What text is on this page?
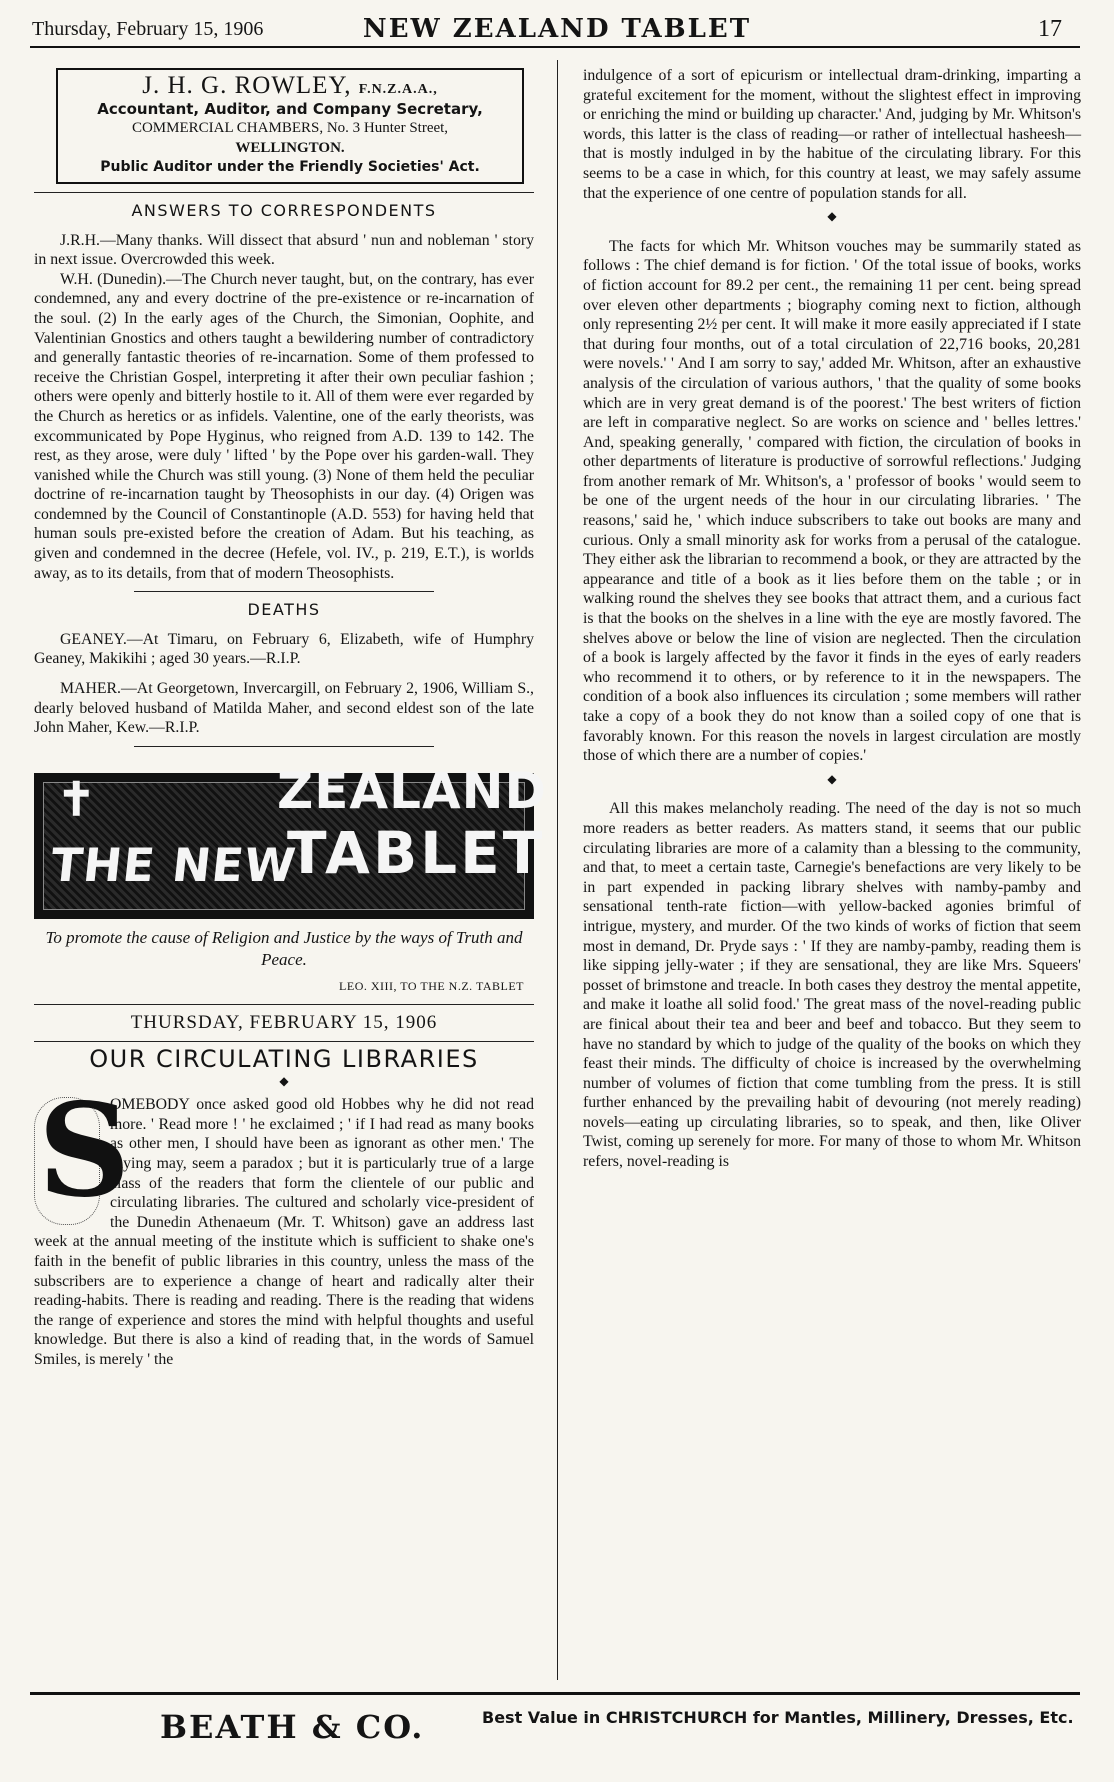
Thursday, February 15, 1906	NEW ZEALAND TABLET	17
J. H. G. ROWLEY, F.N.Z.A.A.,
Accountant, Auditor, and Company Secretary,
COMMERCIAL CHAMBERS, No. 3 Hunter Street,
WELLINGTON.
Public Auditor under the Friendly Societies' Act.
ANSWERS TO CORRESPONDENTS

J.R.H.—Many thanks. Will dissect that absurd ' nun and nobleman ' story in next issue. Overcrowded this week.

W.H. (Dunedin).—The Church never taught, but, on the contrary, has ever condemned, any and every doctrine of the pre-existence or re-incarnation of the soul. (2) In the early ages of the Church, the Simonian, Oophite, and Valentinian Gnostics and others taught a bewildering number of contradictory and generally fantastic theories of re-incarnation. Some of them professed to receive the Christian Gospel, interpreting it after their own peculiar fashion ; others were openly and bitterly hostile to it. All of them were ever regarded by the Church as heretics or as infidels. Valentine, one of the early theorists, was excommunicated by Pope Hyginus, who reigned from A.D. 139 to 142. The rest, as they arose, were duly ' lifted ' by the Pope over his garden-wall. They vanished while the Church was still young. (3) None of them held the peculiar doctrine of re-incarnation taught by Theosophists in our day. (4) Origen was condemned by the Council of Constantinople (A.D. 553) for having held that human souls pre-existed before the creation of Adam. But his teaching, as given and condemned in the decree (Hefele, vol. IV., p. 219, E.T.), is worlds away, as to its details, from that of modern Theosophists.

DEATHS

GEANEY.—At Timaru, on February 6, Elizabeth, wife of Humphry Geaney, Makikihi ; aged 30 years.—R.I.P.

MAHER.—At Georgetown, Invercargill, on February 2, 1906, William S., dearly beloved husband of Matilda Maher, and second eldest son of the late John Maher, Kew.—R.I.P.

✝
THE NEW
ZEALAND
TABLET
To promote the cause of Religion and Justice by the ways of Truth and Peace.
LEO. XIII, TO THE N.Z. TABLET
THURSDAY, FEBRUARY 15, 1906
OUR CIRCULATING LIBRARIES
◆
S

OMEBODY once asked good old Hobbes why he did not read more. ' Read more ! ' he exclaimed ; ' if I had read as many books as other men, I should have been as ignorant as other men.' The saying may, seem a paradox ; but it is particularly true of a large class of the readers that form the clientele of our public and circulating libraries. The cultured and scholarly vice-president of the Dunedin Athenaeum (Mr. T. Whitson) gave an address last week at the annual meeting of the institute which is sufficient to shake one's faith in the benefit of public libraries in this country, unless the mass of the subscribers are to experience a change of heart and radically alter their reading-habits. There is reading and reading. There is the reading that widens the range of experience and stores the mind with helpful thoughts and useful knowledge. But there is also a kind of reading that, in the words of Samuel Smiles, is merely ' the

indulgence of a sort of epicurism or intellectual dram-drinking, imparting a grateful excitement for the moment, without the slightest effect in improving or enriching the mind or building up character.' And, judging by Mr. Whitson's words, this latter is the class of reading—or rather of intellectual hasheesh—that is mostly indulged in by the habitue of the circulating library. For this seems to be a case in which, for this country at least, we may safely assume that the experience of one centre of population stands for all.

◆

The facts for which Mr. Whitson vouches may be summarily stated as follows : The chief demand is for fiction. ' Of the total issue of books, works of fiction account for 89.2 per cent., the remaining 11 per cent. being spread over eleven other departments ; biography coming next to fiction, although only representing 2½ per cent. It will make it more easily appreciated if I state that during four months, out of a total circulation of 22,716 books, 20,281 were novels.' ' And I am sorry to say,' added Mr. Whitson, after an exhaustive analysis of the circulation of various authors, ' that the quality of some books which are in very great demand is of the poorest.' The best writers of fiction are left in comparative neglect. So are works on science and ' belles lettres.' And, speaking generally, ' compared with fiction, the circulation of books in other departments of literature is productive of sorrowful reflections.' Judging from another remark of Mr. Whitson's, a ' professor of books ' would seem to be one of the urgent needs of the hour in our circulating libraries. ' The reasons,' said he, ' which induce subscribers to take out books are many and curious. Only a small minority ask for works from a perusal of the catalogue. They either ask the librarian to recommend a book, or they are attracted by the appearance and title of a book as it lies before them on the table ; or in walking round the shelves they see books that attract them, and a curious fact is that the books on the shelves in a line with the eye are mostly favored. The shelves above or below the line of vision are neglected. Then the circulation of a book is largely affected by the favor it finds in the eyes of early readers who recommend it to others, or by reference to it in the newspapers. The condition of a book also influences its circulation ; some members will rather take a copy of a book they do not know than a soiled copy of one that is favorably known. For this reason the novels in largest circulation are mostly those of which there are a number of copies.'

◆

All this makes melancholy reading. The need of the day is not so much more readers as better readers. As matters stand, it seems that our public circulating libraries are more of a calamity than a blessing to the community, and that, to meet a certain taste, Carnegie's benefactions are very likely to be in part expended in packing library shelves with namby-pamby and sensational tenth-rate fiction—with yellow-backed agonies brimful of intrigue, mystery, and murder. Of the two kinds of works of fiction that seem most in demand, Dr. Pryde says : ' If they are namby-pamby, reading them is like sipping jelly-water ; if they are sensational, they are like Mrs. Squeers' posset of brimstone and treacle. In both cases they destroy the mental appetite, and make it loathe all solid food.' The great mass of the novel-reading public are finical about their tea and beer and beef and tobacco. But they seem to have no standard by which to judge of the quality of the books on which they feast their minds. The difficulty of choice is increased by the overwhelming number of volumes of fiction that come tumbling from the press. It is still further enhanced by the prevailing habit of devouring (not merely reading) novels—eating up circulating libraries, so to speak, and then, like Oliver Twist, coming up serenely for more. For many of those to whom Mr. Whitson refers, novel-reading is

BEATH & CO.	Best Value in CHRISTCHURCH for Mantles, Millinery, Dresses, Etc.
